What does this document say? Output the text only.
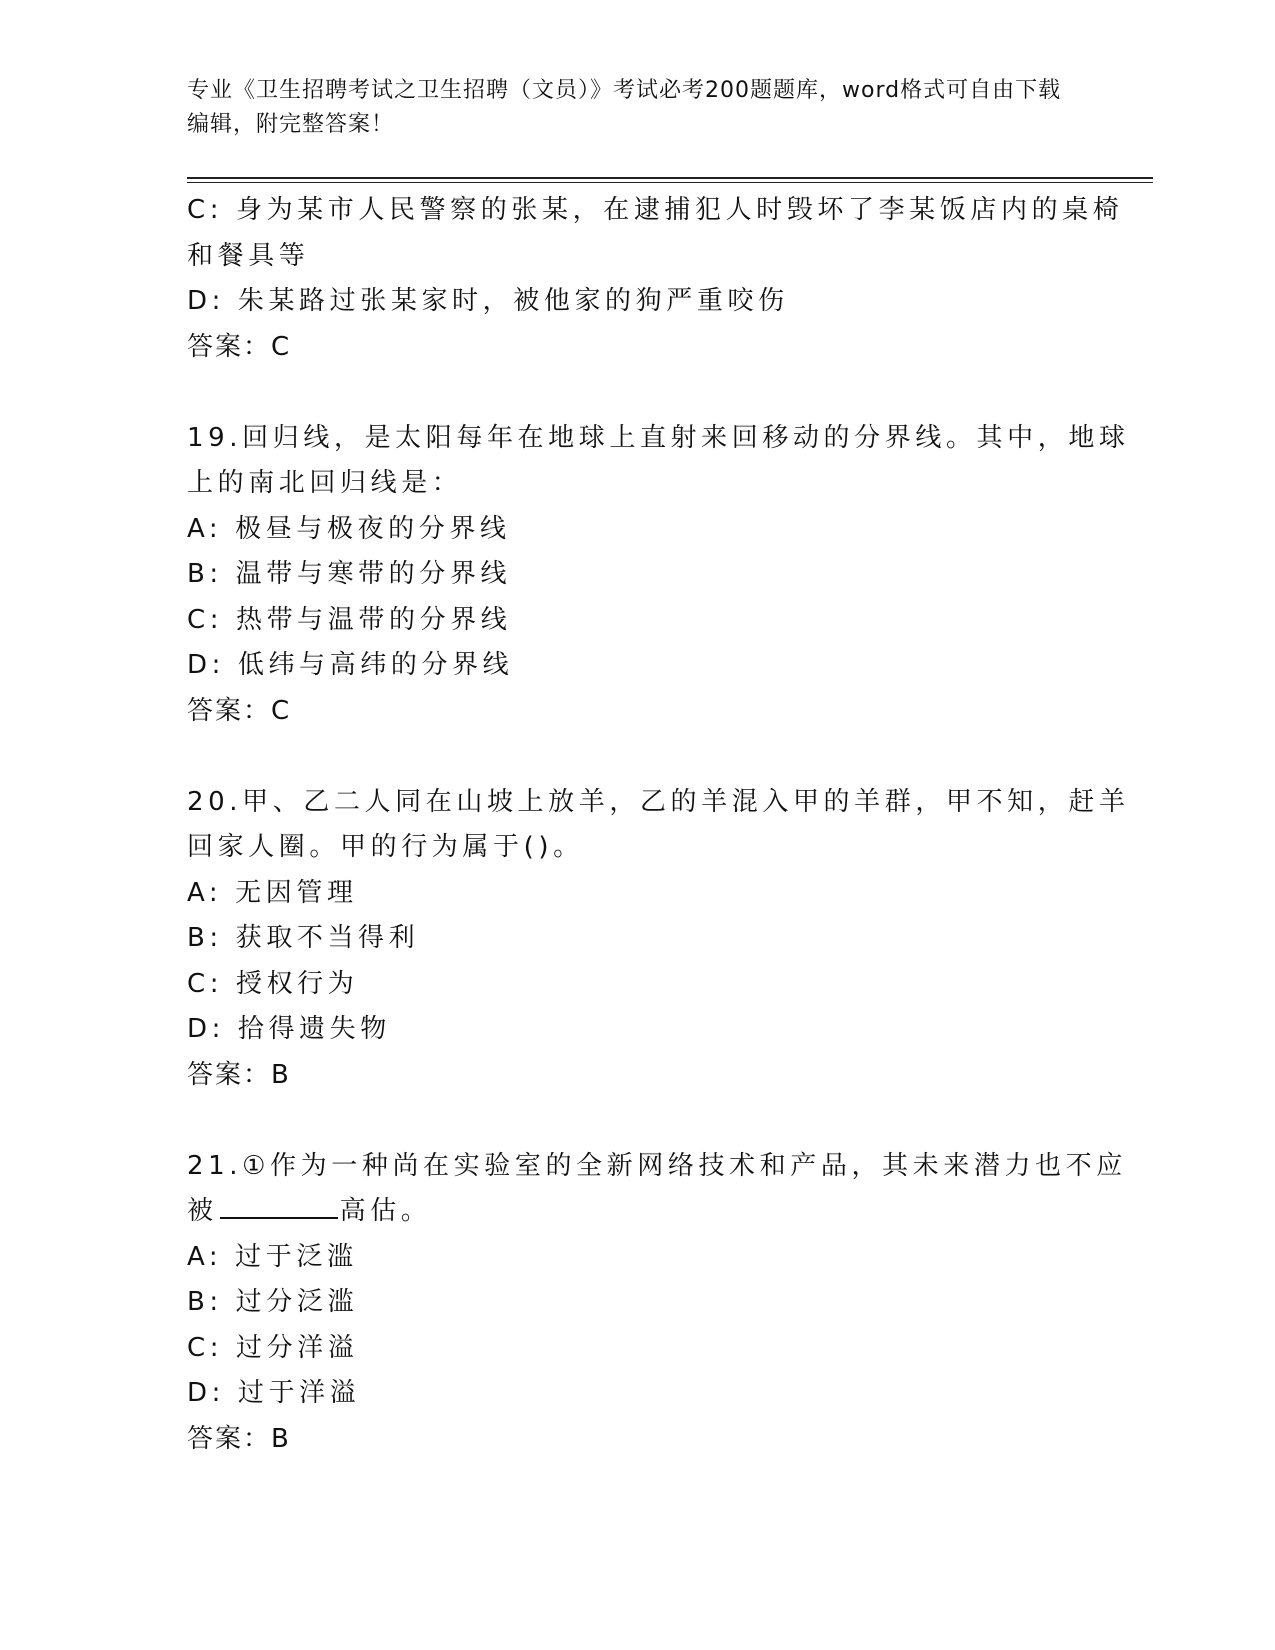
专业《卫生招聘考试之卫生招聘（文员）》考试必考200题题库，word格式可自由下载编辑，附完整答案！
C: 身为某市人民警察的张某，在逮捕犯人时毁坏了李某饭店内的桌椅
和餐具等
D: 朱某路过张某家时，被他家的狗严重咬伤
答案：C
19.回归线，是太阳每年在地球上直射来回移动的分界线。其中，地球
上的南北回归线是：
A: 极昼与极夜的分界线
B: 温带与寒带的分界线
C: 热带与温带的分界线
D: 低纬与高纬的分界线
答案：C
20.甲、乙二人同在山坡上放羊，乙的羊混入甲的羊群，甲不知，赶羊
回家人圈。甲的行为属于()。
A: 无因管理
B: 获取不当得利
C: 授权行为
D: 拾得遗失物
答案：B
21.①作为一种尚在实验室的全新网络技术和产品，其未来潜力也不应
被	高估。
A: 过于泛滥
B: 过分泛滥
C: 过分洋溢
D: 过于洋溢
答案：B
